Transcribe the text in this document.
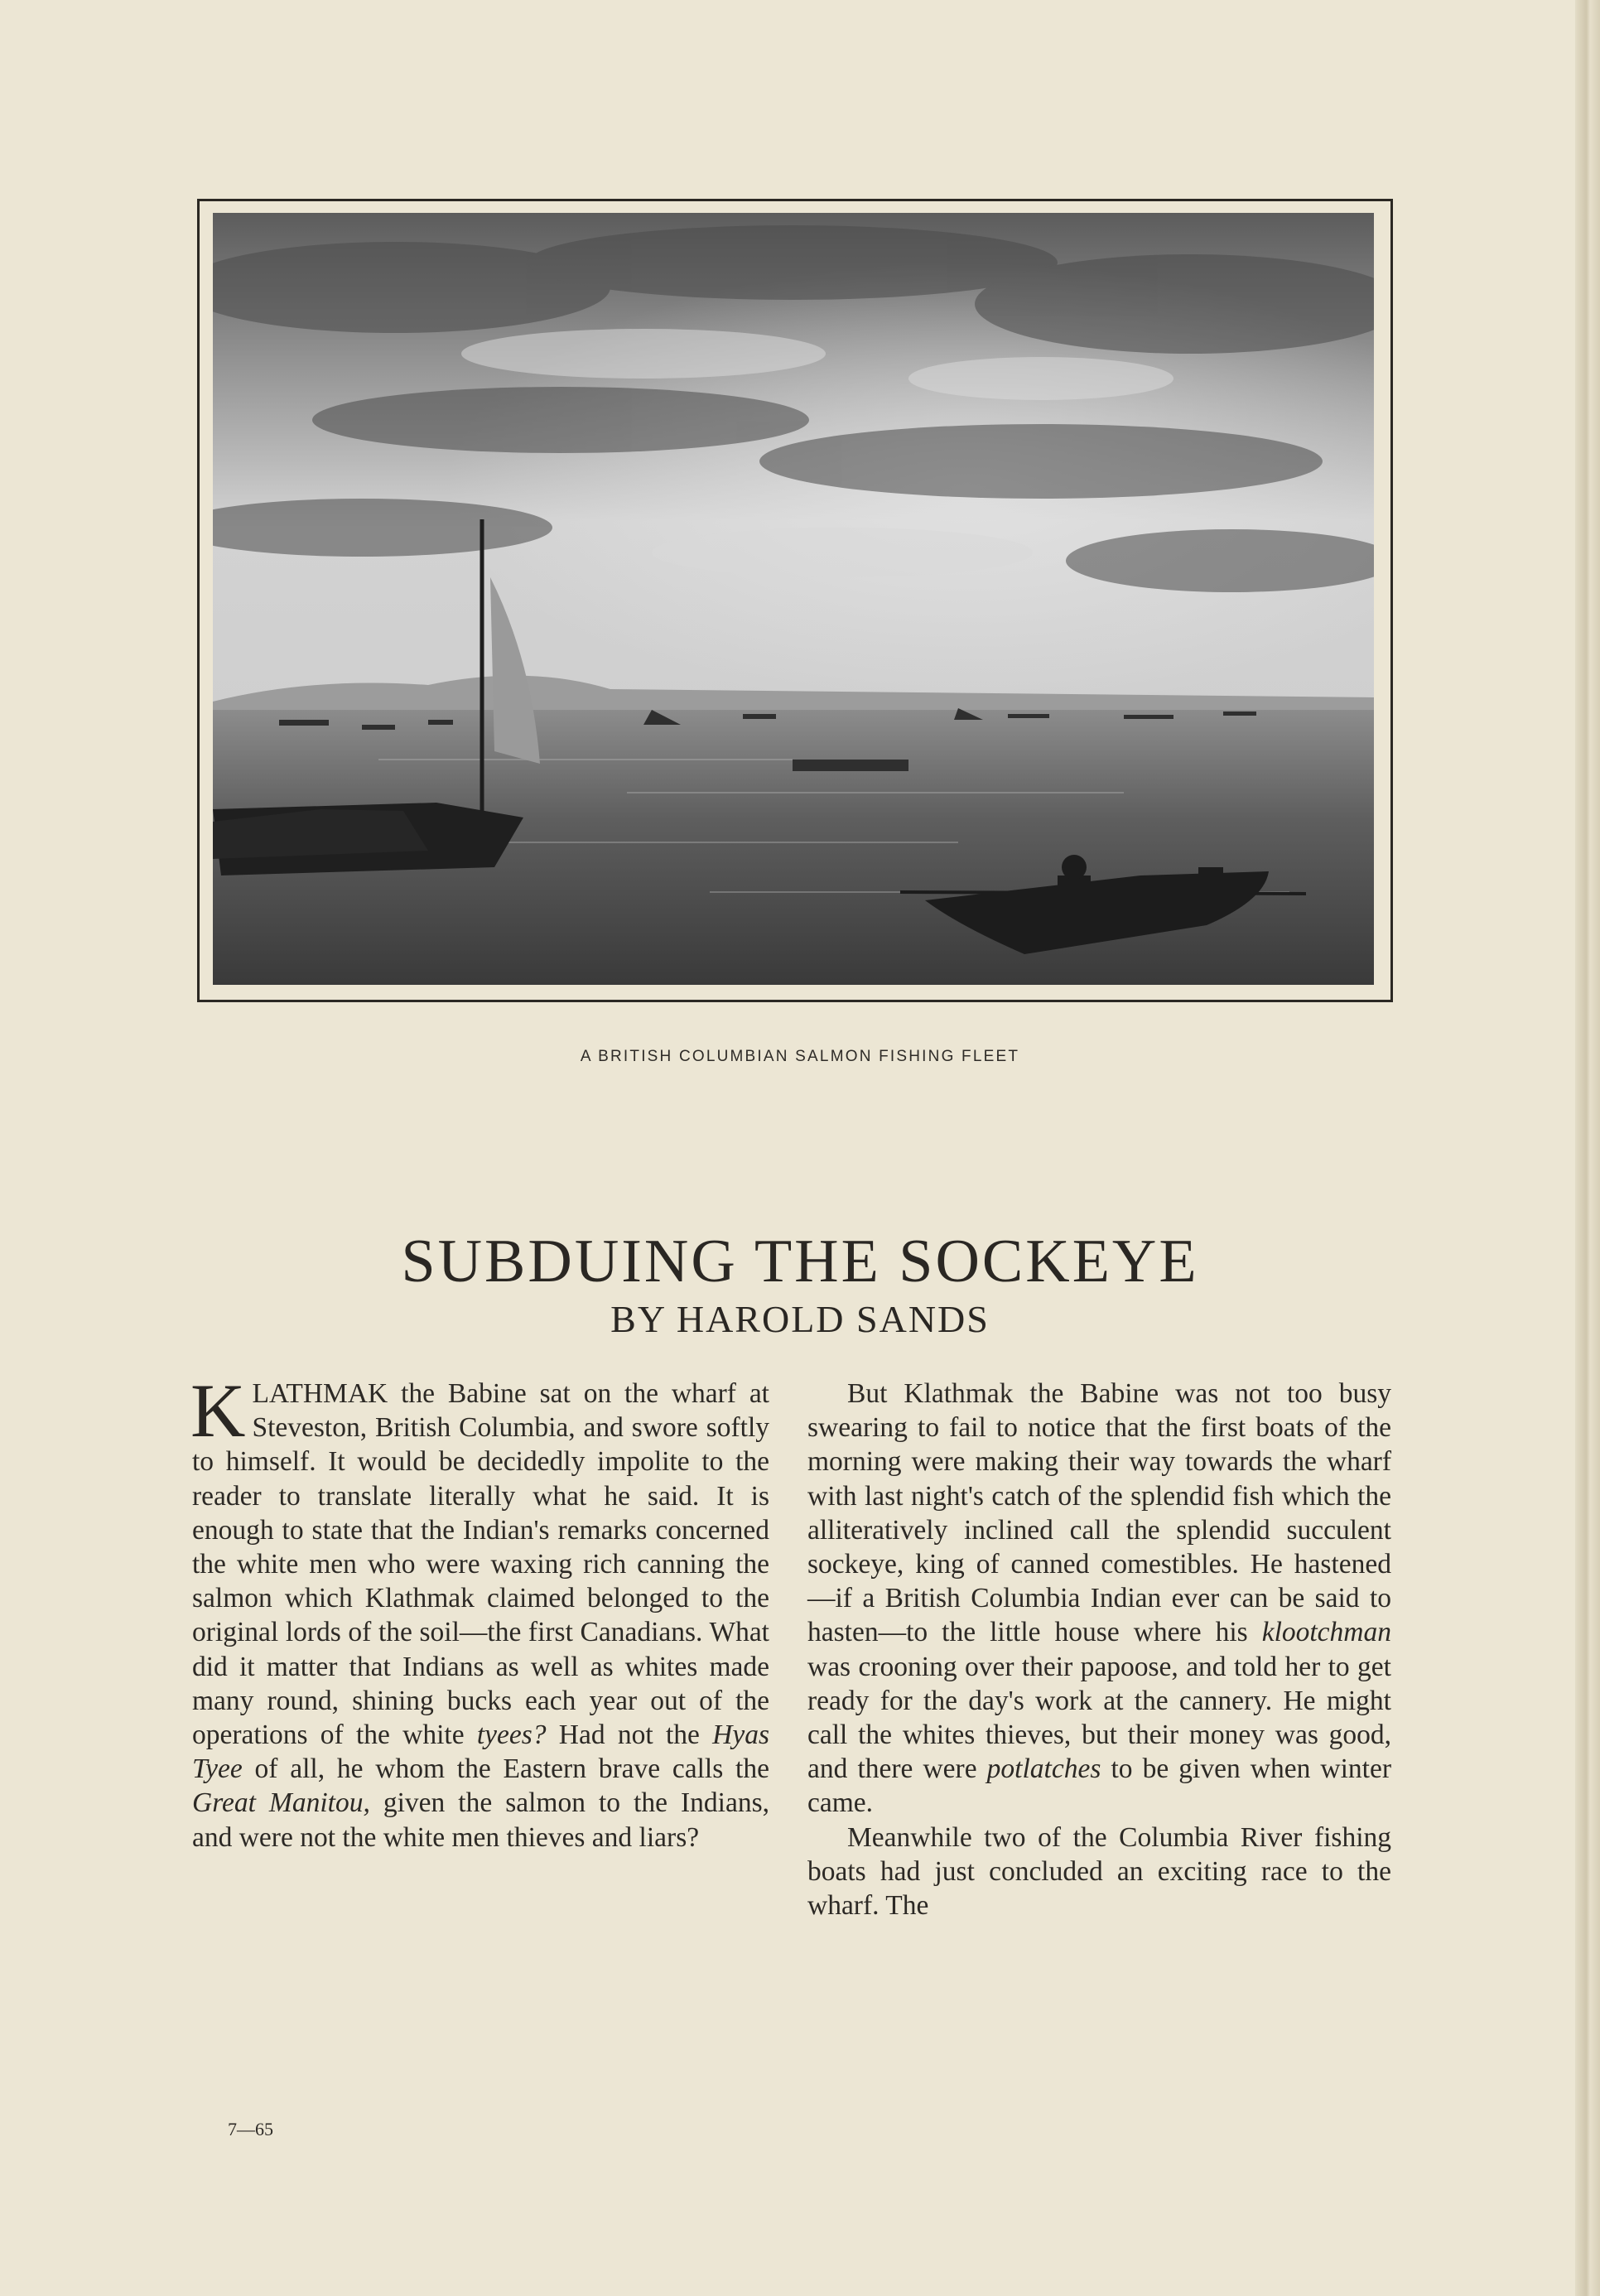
A BRITISH COLUMBIAN SALMON FISHING FLEET
SUBDUING THE SOCKEYE
BY HAROLD SANDS

KLATHMAK the Babine sat on the wharf at Steveston, British Columbia, and swore softly to himself. It would be decidedly impolite to the reader to translate literally what he said. It is enough to state that the Indian's remarks concerned the white men who were waxing rich canning the salmon which Klathmak claimed belonged to the original lords of the soil—the first Canadians. What did it matter that Indians as well as whites made many round, shining bucks each year out of the operations of the white tyees? Had not the Hyas Tyee of all, he whom the Eastern brave calls the Great Manitou, given the salmon to the Indians, and were not the white men thieves and liars?

But Klathmak the Babine was not too busy swearing to fail to notice that the first boats of the morning were making their way towards the wharf with last night's catch of the splendid fish which the alliteratively inclined call the splendid succulent sockeye, king of canned comestibles. He hastened—if a British Columbia Indian ever can be said to hasten—to the little house where his klootchman was crooning over their papoose, and told her to get ready for the day's work at the cannery. He might call the whites thieves, but their money was good, and there were potlatches to be given when winter came.

Meanwhile two of the Columbia River fishing boats had just concluded an exciting race to the wharf. The

7—65
